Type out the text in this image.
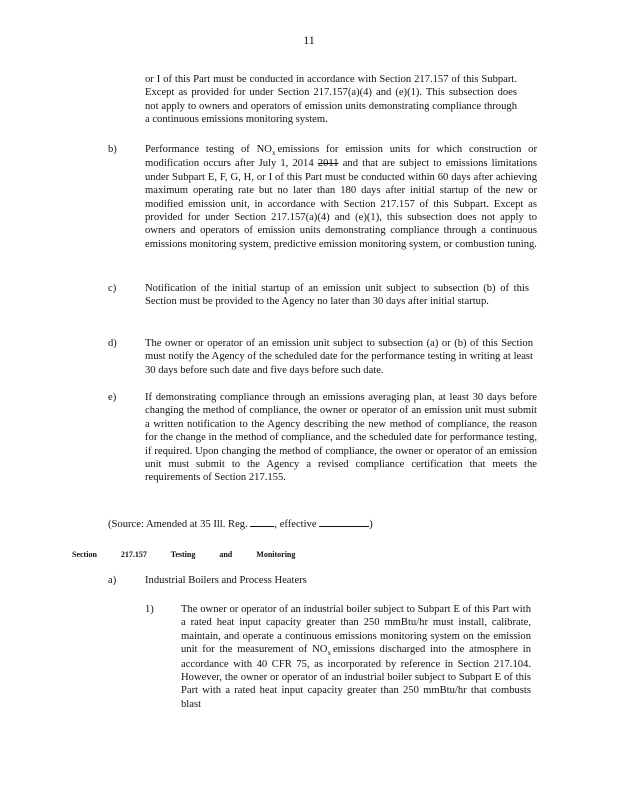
11

or I of this Part must be conducted in accordance with Section 217.157 of this Subpart. Except as provided for under Section 217.157(a)(4) and (e)(1). This subsection does not apply to owners and operators of emission units demonstrating compliance through a continuous emissions monitoring system.

b)	Performance testing of $NO_x$ emissions for emission units for which construction or modification occurs after July 1, 2014 2011 and that are subject to emissions limitations under Subpart E, F, G, H, or I of this Part must be conducted within 60 days after achieving maximum operating rate but no later than 180 days after initial startup of the new or modified emission unit, in accordance with Section 217.157 of this Subpart. Except as provided for under Section 217.157(a)(4) and (e)(1), this subsection does not apply to owners and operators of emission units demonstrating compliance through a continuous emissions monitoring system, predictive emission monitoring system, or combustion tuning.

c)	Notification of the initial startup of an emission unit subject to subsection (b) of this Section must be provided to the Agency no later than 30 days after initial startup.

d)	The owner or operator of an emission unit subject to subsection (a) or (b) of this Section must notify the Agency of the scheduled date for the performance testing in writing at least 30 days before such date and five days before such date.

e)	If demonstrating compliance through an emissions averaging plan, at least 30 days before changing the method of compliance, the owner or operator of an emission unit must submit a written notification to the Agency describing the new method of compliance, the reason for the change in the method of compliance, and the scheduled date for performance testing, if required. Upon changing the method of compliance, the owner or operator of an emission unit must submit to the Agency a revised compliance certification that meets the requirements of Section 217.155.

(Source: Amended at 35 Ill. Reg.	, effective	)
Section	217.157	Testing	and	Monitoring
a)	Industrial Boilers and Process Heaters
1)	The owner or operator of an industrial boiler subject to Subpart E of this Part with a rated heat input capacity greater than 250 mmBtu/hr must install, calibrate, maintain, and operate a continuous emissions monitoring system on the emission unit for the measurement of $NO_x$ emissions discharged into the atmosphere in accordance with 40 CFR 75, as incorporated by reference in Section 217.104. However, the owner or operator of an industrial boiler subject to Subpart E of this Part with a rated heat input capacity greater than 250 mmBtu/hr that combusts blast
